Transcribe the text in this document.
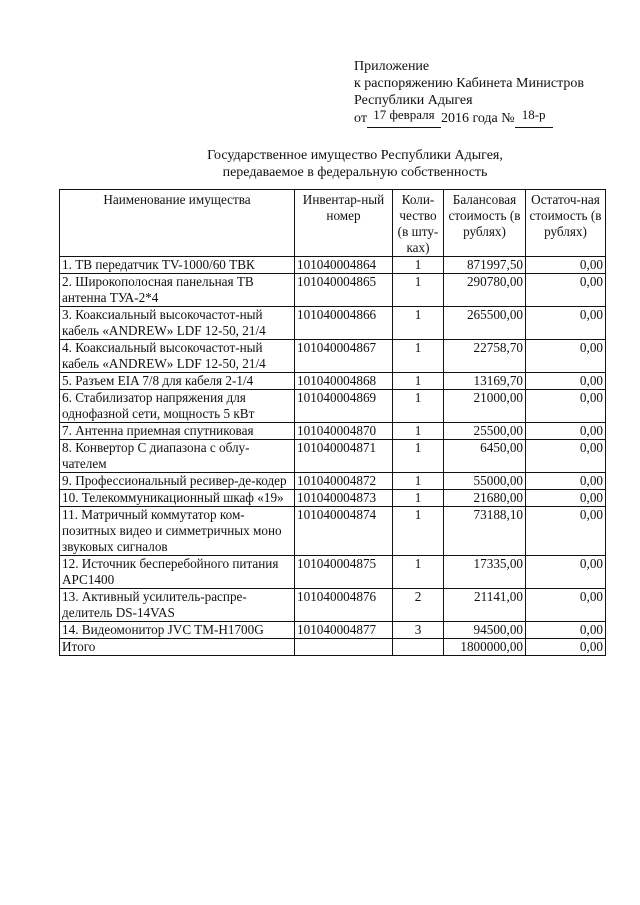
Приложение
к распоряжению Кабинета Министров
Республики Адыгея
от 17 февраля 2016 года № 18-р
Государственное имущество Республики Адыгея,
передаваемое в федеральную собственность
Наименование имущества	Инвентар-ный номер	Коли-чество (в шту-ках)	Балансовая стоимость (в рублях)	Остаточ-ная стоимость (в рублях)
1. ТВ передатчик TV-1000/60 ТВК	101040004864	1	871997,50	0,00
2. Широкополосная панельная ТВ антенна ТУА-2*4	101040004865	1	290780,00	0,00
3. Коаксиальный высокочастот-ный кабель «ANDREW» LDF 12-50, 21/4	101040004866	1	265500,00	0,00
4. Коаксиальный высокочастот-ный кабель «ANDREW» LDF 12-50, 21/4	101040004867	1	22758,70	0,00
5. Разъем EIA 7/8 для кабеля 2-1/4	101040004868	1	13169,70	0,00
6. Стабилизатор напряжения для однофазной сети, мощность 5 кВт	101040004869	1	21000,00	0,00
7. Антенна приемная спутниковая	101040004870	1	25500,00	0,00
8. Конвертор С диапазона с облу-чателем	101040004871	1	6450,00	0,00
9. Профессиональный ресивер-де-кодер	101040004872	1	55000,00	0,00
10. Телекоммуникационный шкаф «19»	101040004873	1	21680,00	0,00
11. Матричный коммутатор ком-позитных видео и симметричных моно звуковых сигналов	101040004874	1	73188,10	0,00
12. Источник бесперебойного питания АРС1400	101040004875	1	17335,00	0,00
13. Активный усилитель-распре-делитель DS-14VAS	101040004876	2	21141,00	0,00
14. Видеомонитор JVC TM-H1700G	101040004877	3	94500,00	0,00
Итого			1800000,00	0,00
